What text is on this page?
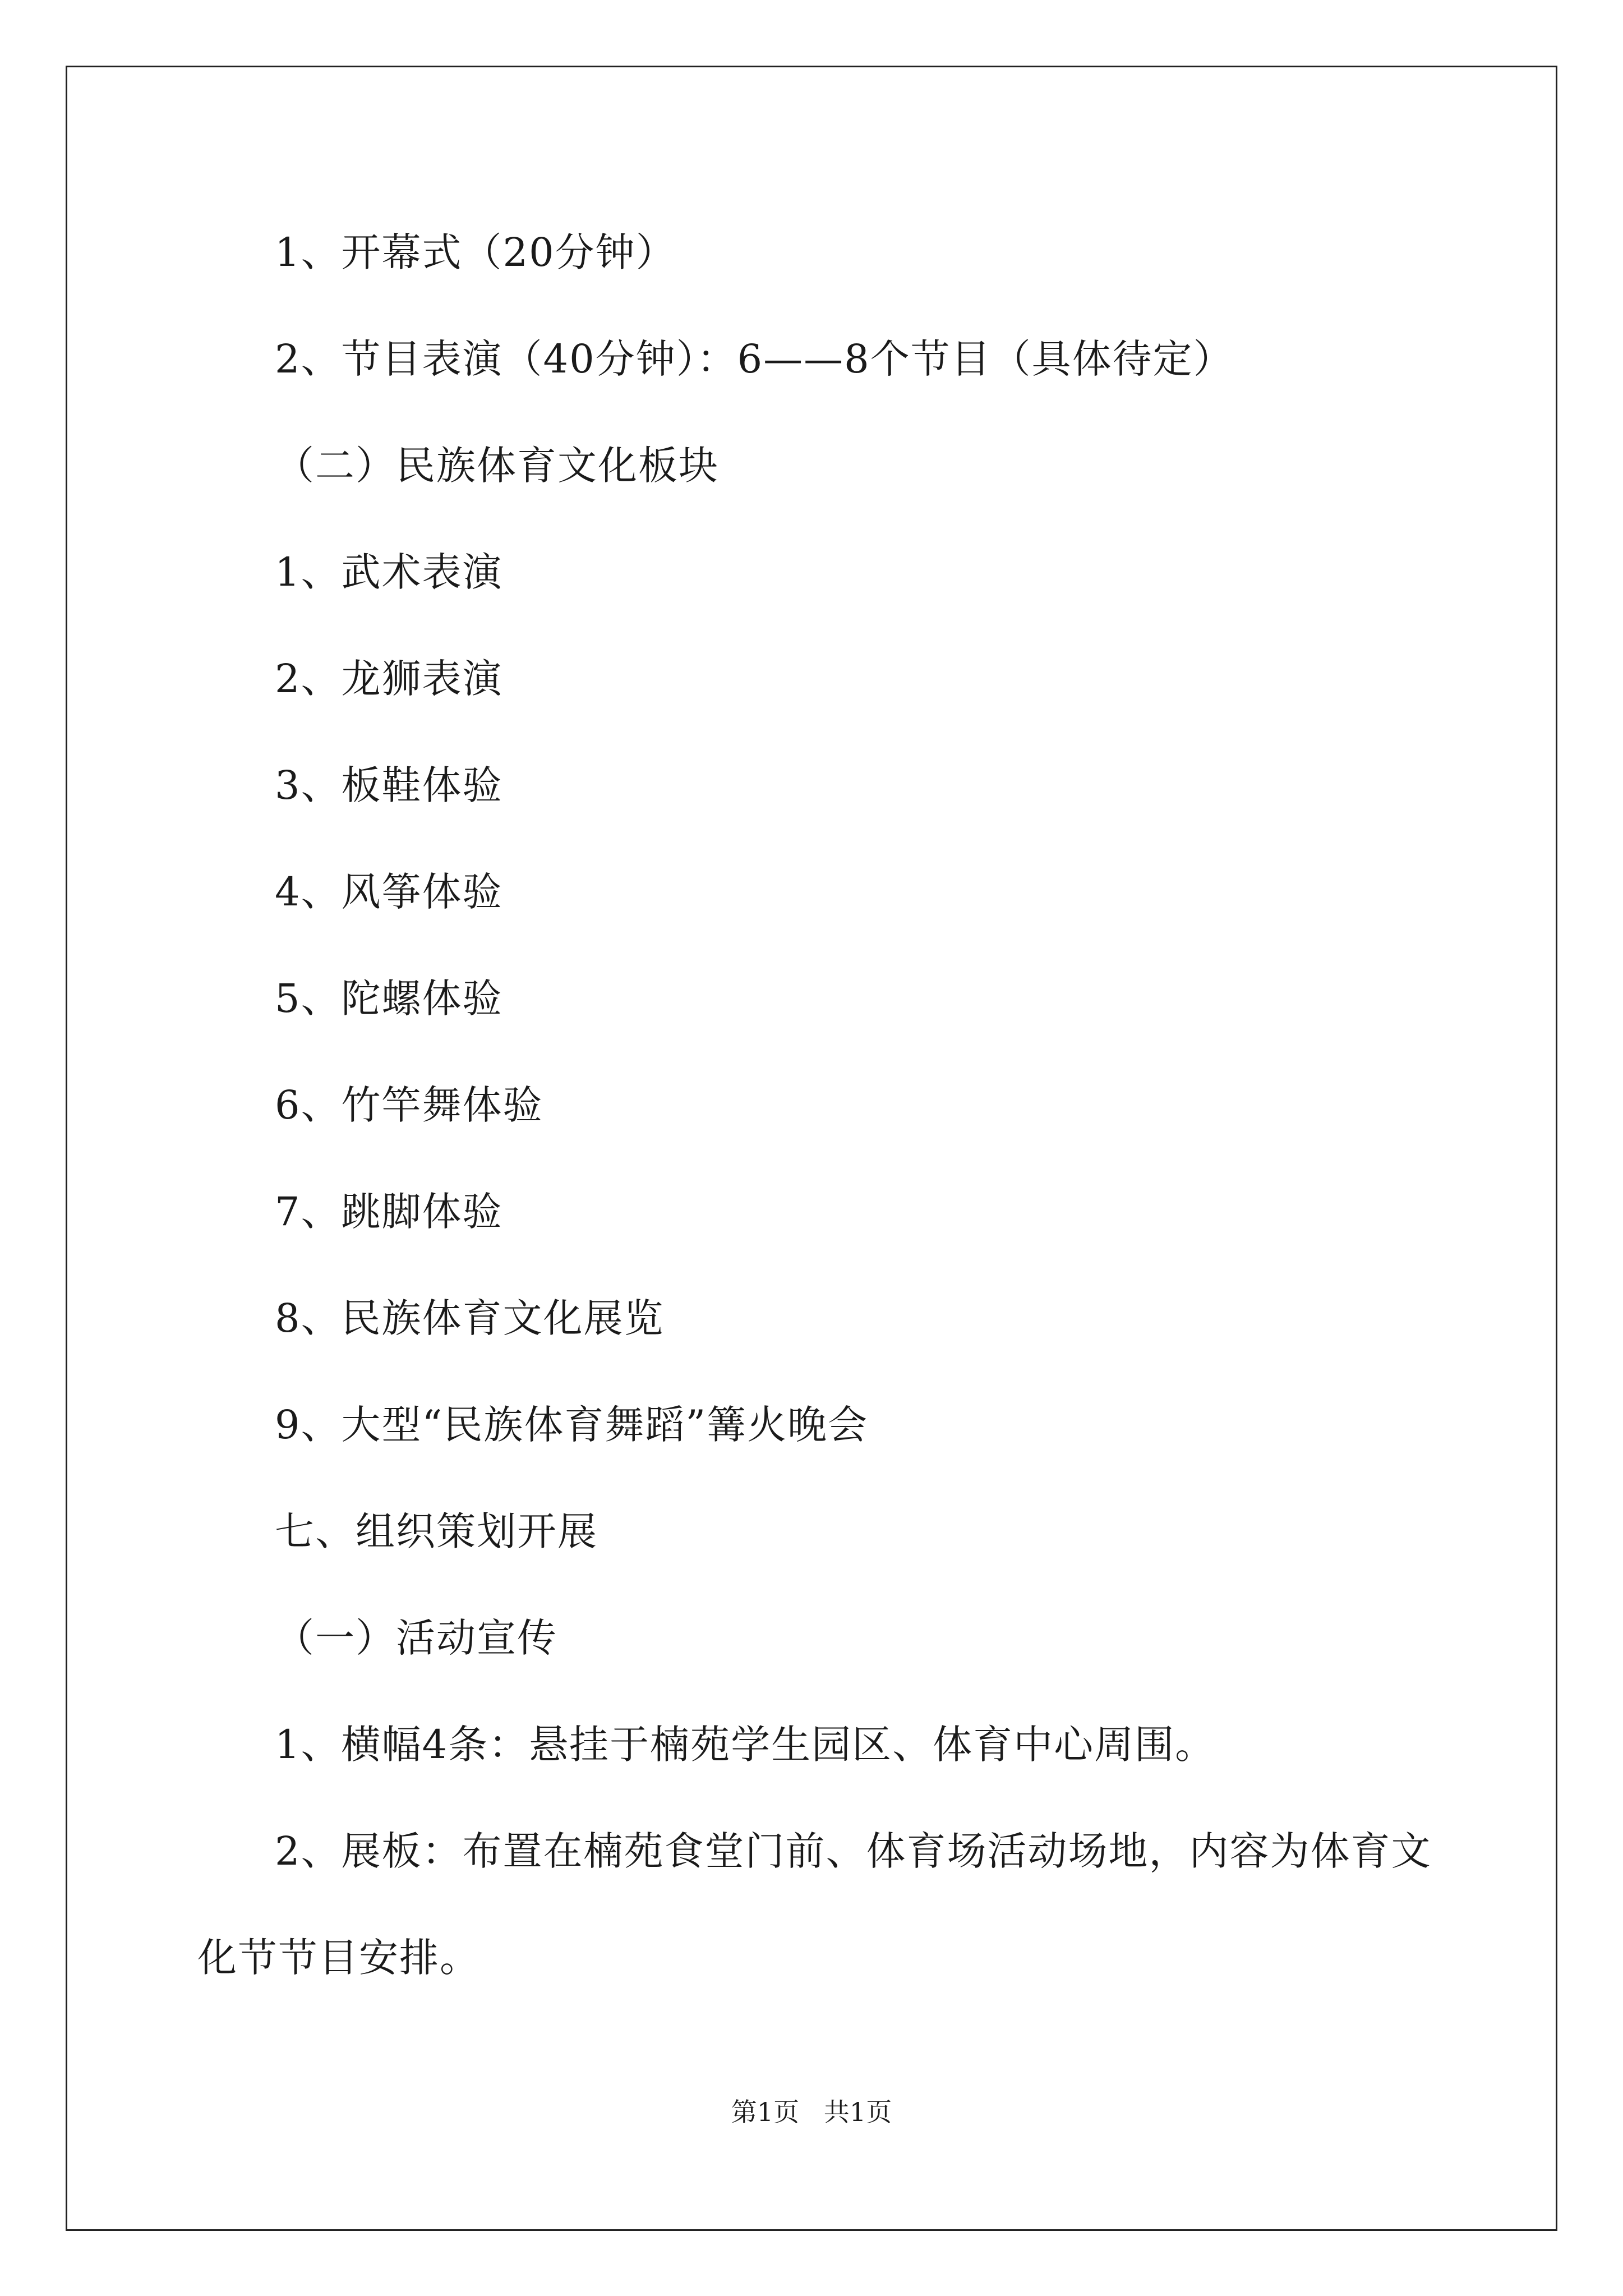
1、开幕式（20分钟）
2、节目表演（40分钟）：6——8个节目（具体待定）
（二）民族体育文化板块
1、武术表演
2、龙狮表演
3、板鞋体验
4、风筝体验
5、陀螺体验
6、竹竿舞体验
7、跳脚体验
8、民族体育文化展览
9、大型“民族体育舞蹈”篝火晚会
七、组织策划开展
（一）活动宣传
1、横幅4条：悬挂于楠苑学生园区、体育中心周围。
2、展板：布置在楠苑食堂门前、体育场活动场地，内容为体育文
化节节目安排。
第1页   共1页
